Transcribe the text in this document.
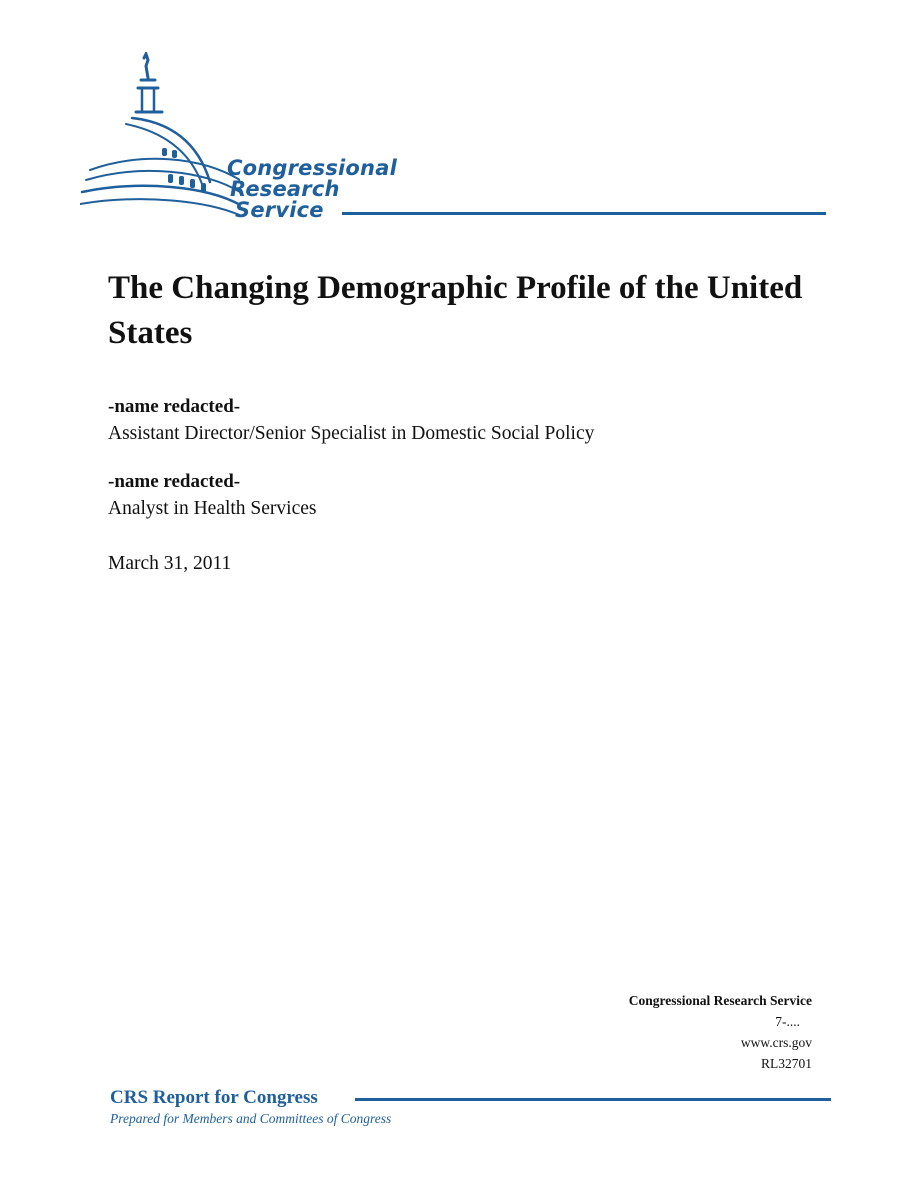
Congressional
Research
Service
The Changing Demographic Profile of the United States
-name redacted-
Assistant Director/Senior Specialist in Domestic Social Policy
-name redacted-
Analyst in Health Services
March 31, 2011
Congressional Research Service
7-....
www.crs.gov
RL32701
CRS Report for Congress
Prepared for Members and Committees of Congress
